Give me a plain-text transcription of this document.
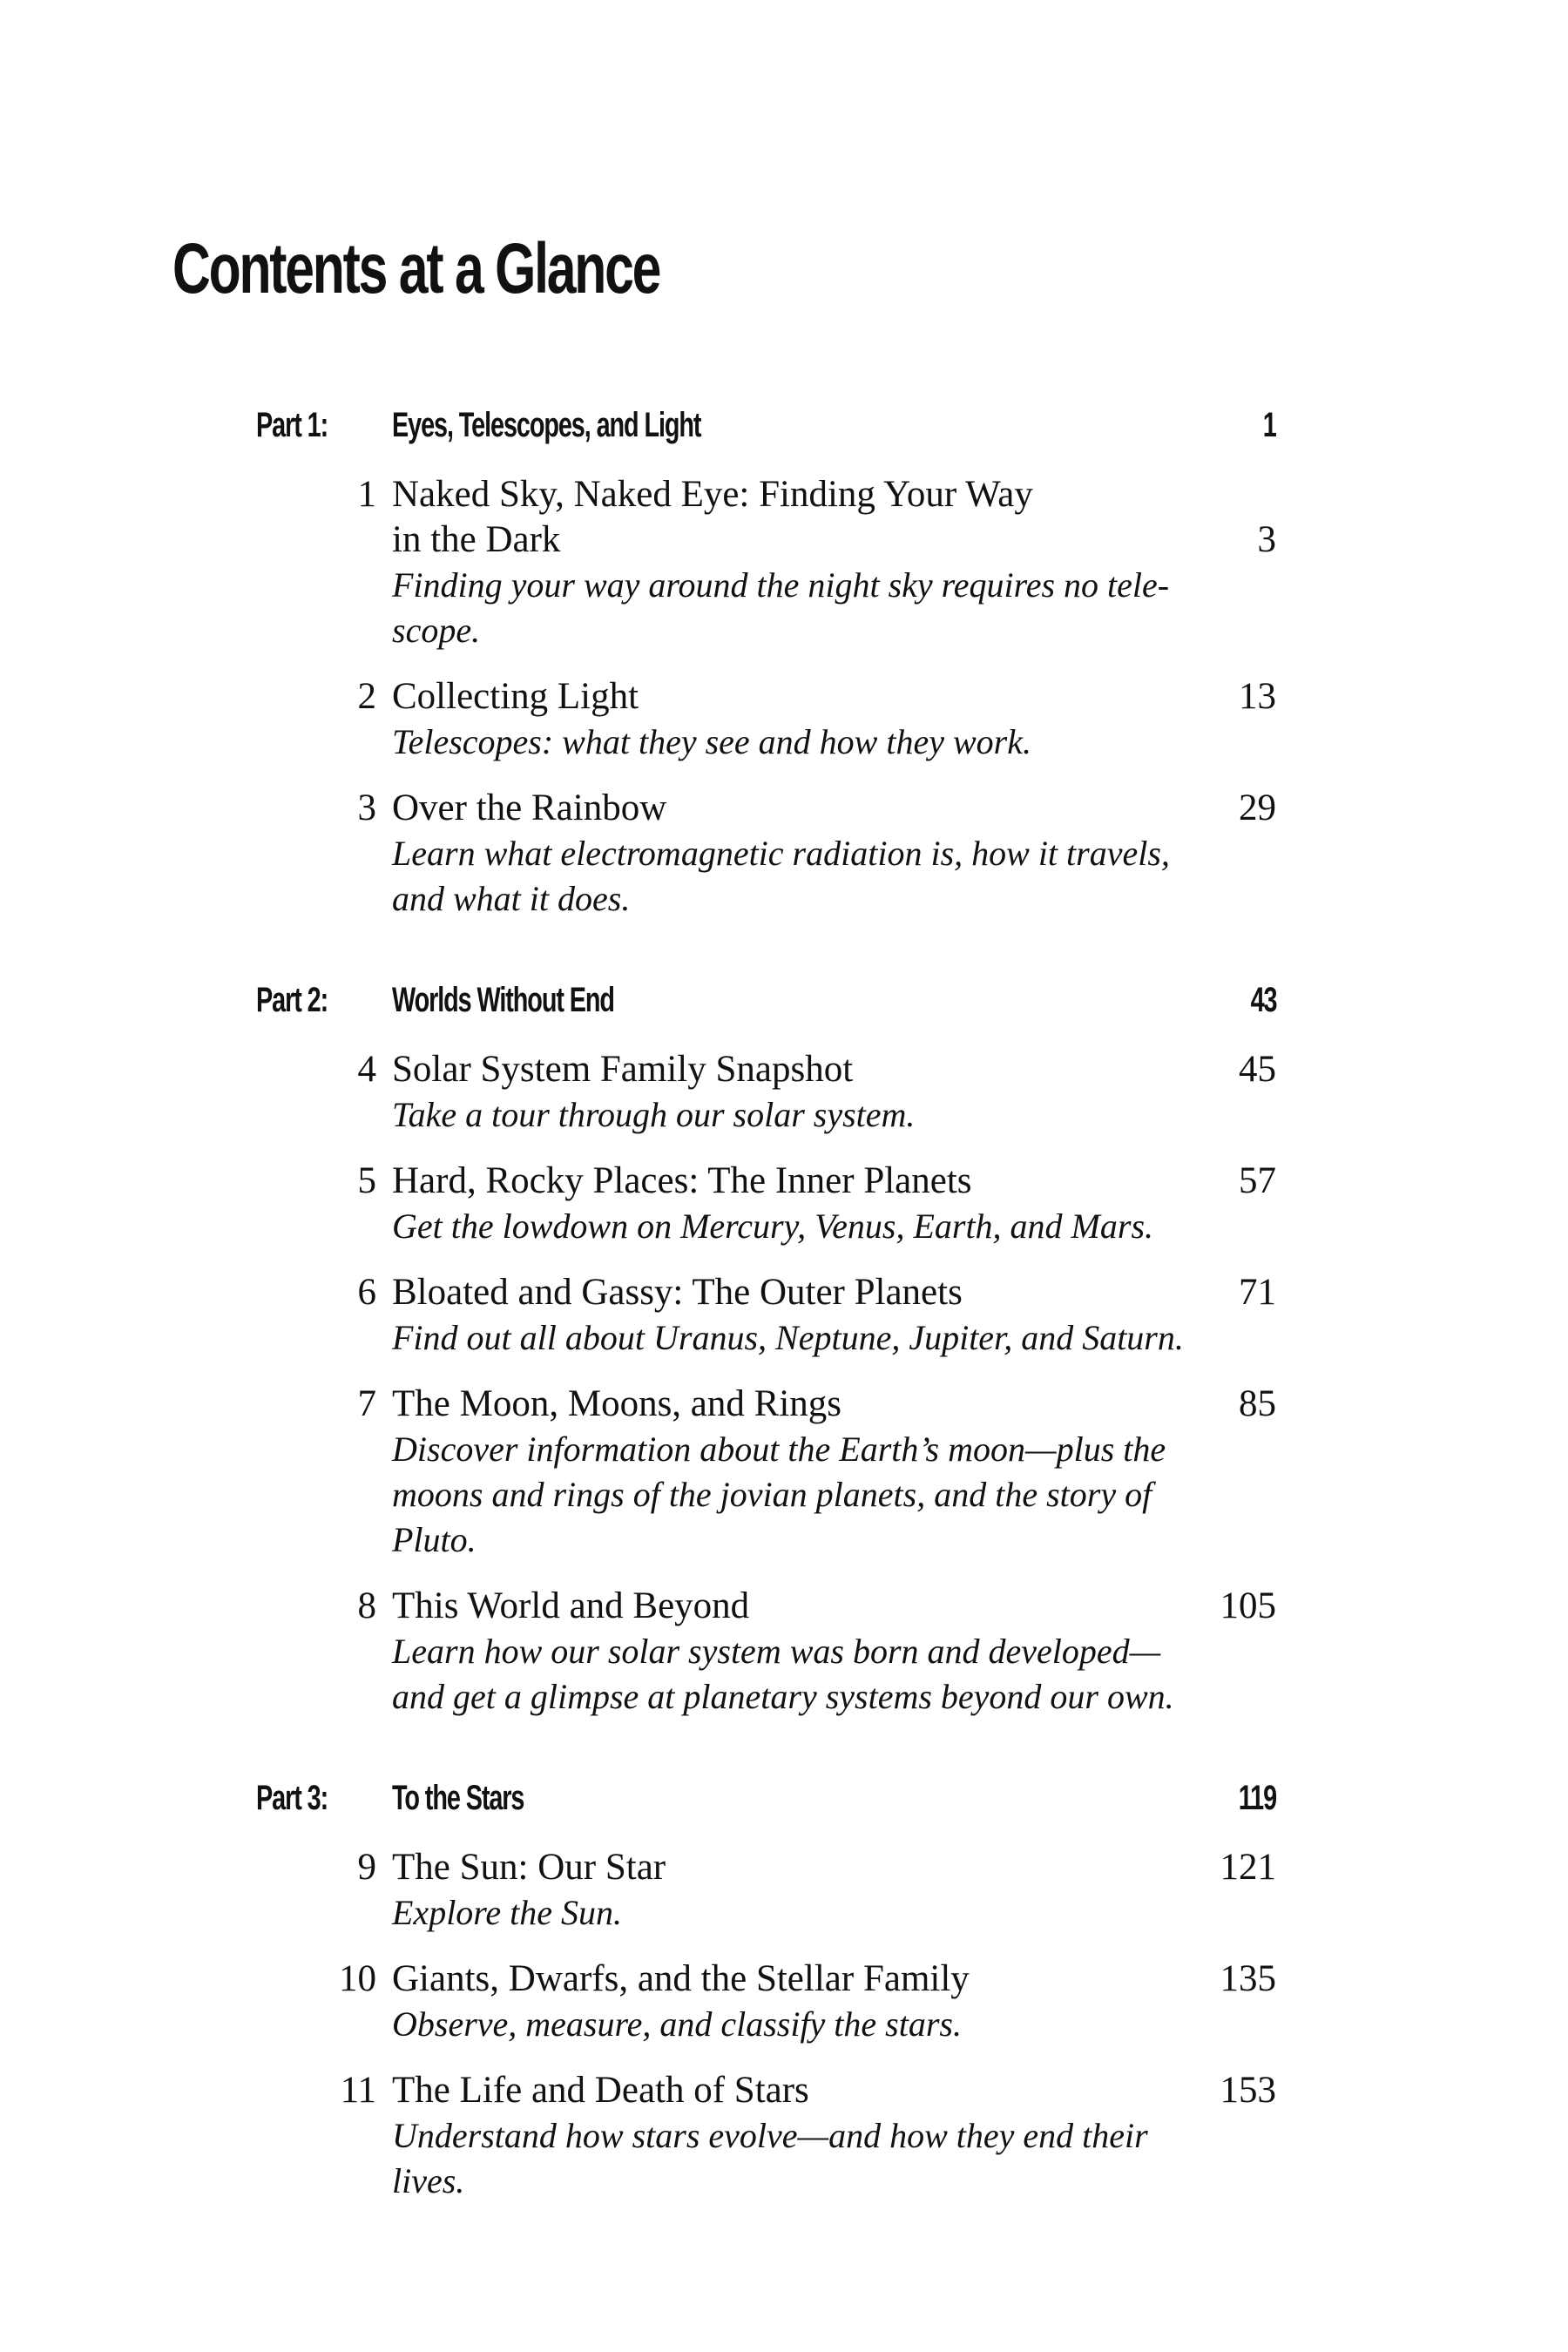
Contents at a Glance
Part 1: Eyes, Telescopes, and Light	1
1 Naked Sky, Naked Eye: Finding Your Way
in the Dark	3
Finding your way around the night sky requires no tele-
scope.
2 Collecting Light	13
Telescopes: what they see and how they work.
3 Over the Rainbow	29
Learn what electromagnetic radiation is, how it travels,
and what it does.
Part 2: Worlds Without End	43
4 Solar System Family Snapshot	45
Take a tour through our solar system.
5 Hard, Rocky Places: The Inner Planets	57
Get the lowdown on Mercury, Venus, Earth, and Mars.
6 Bloated and Gassy: The Outer Planets	71
Find out all about Uranus, Neptune, Jupiter, and Saturn.
7 The Moon, Moons, and Rings	85
Discover information about the Earth’s moon—plus the
moons and rings of the jovian planets, and the story of
Pluto.
8 This World and Beyond	105
Learn how our solar system was born and developed—
and get a glimpse at planetary systems beyond our own.
Part 3: To the Stars	119
9 The Sun: Our Star	121
Explore the Sun.
10 Giants, Dwarfs, and the Stellar Family	135
Observe, measure, and classify the stars.
11 The Life and Death of Stars	153
Understand how stars evolve—and how they end their
lives.
